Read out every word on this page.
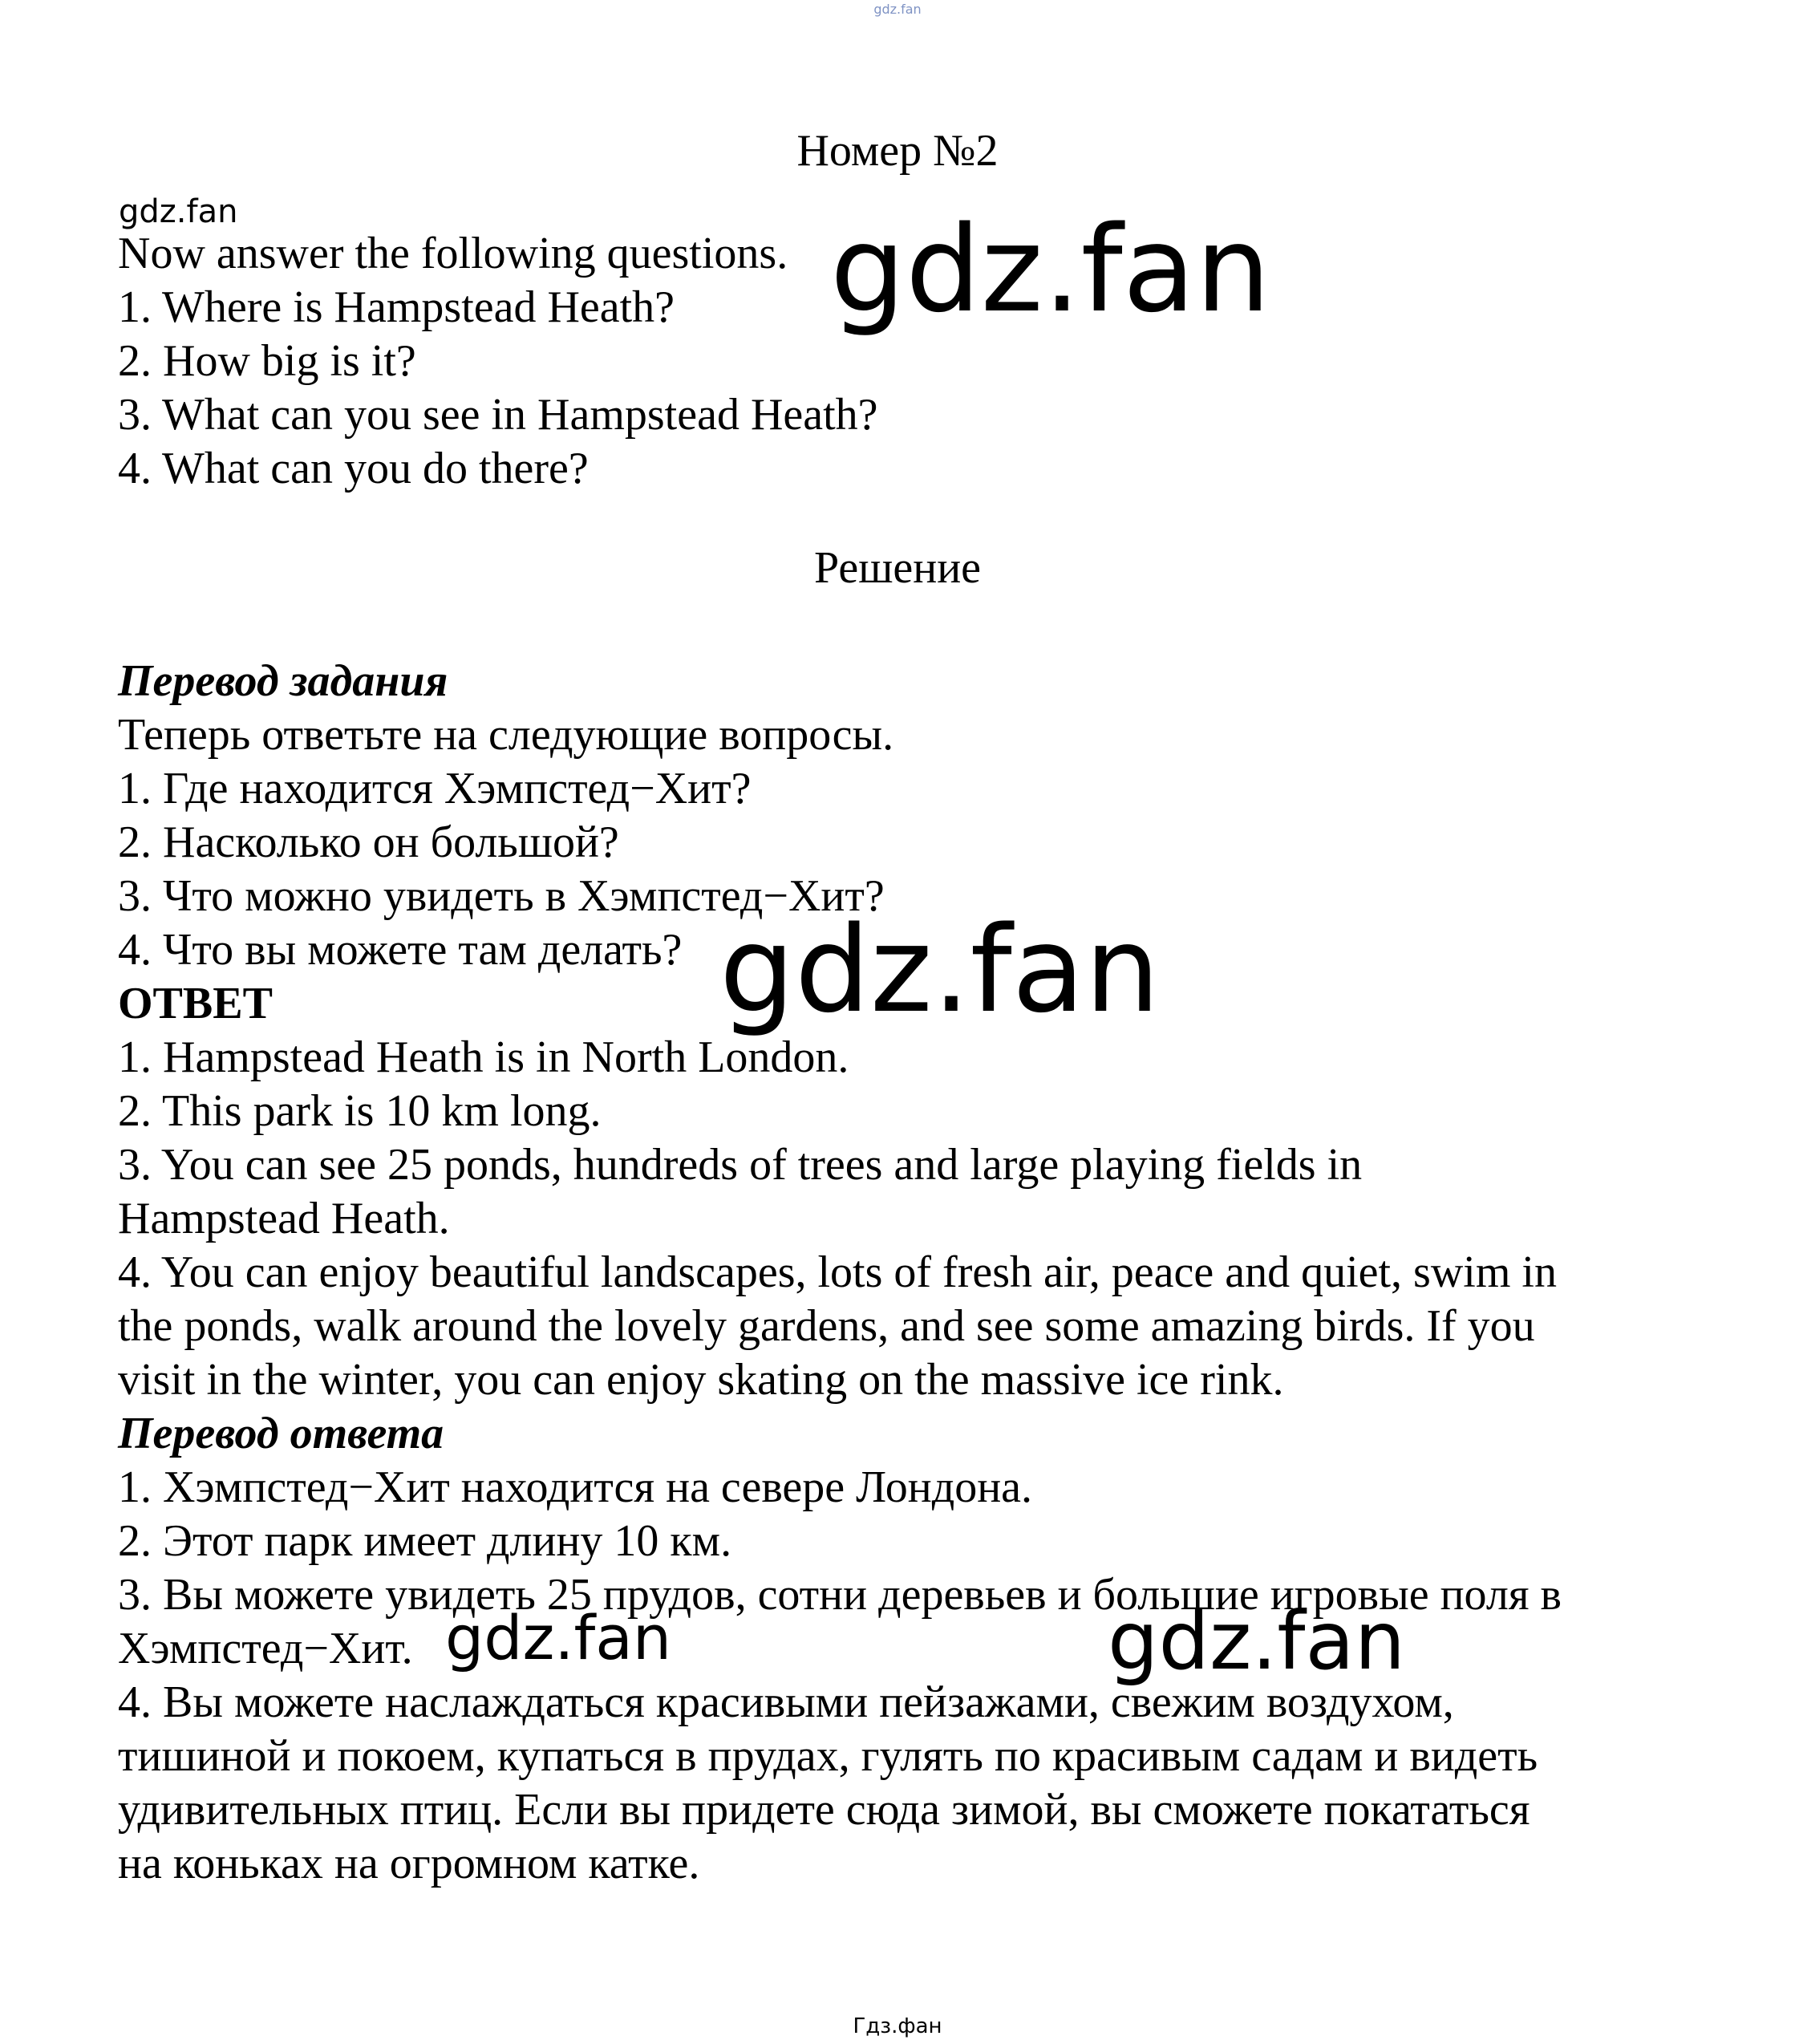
gdz.fan
Номер №2
gdz.fan
Now answer the following questions.
1. Where is Hampstead Heath?
2. How big is it?
3. What can you see in Hampstead Heath?
4. What can you do there?
Решение
Перевод задания
Теперь ответьте на следующие вопросы.
1. Где находится Хэмпстед−Хит?
2. Насколько он большой?
3. Что можно увидеть в Хэмпстед−Хит?
4. Что вы можете там делать?
ОТВЕТ
1. Hampstead Heath is in North London.
2. This park is 10 km long.
3. You can see 25 ponds, hundreds of trees and large playing fields in
Hampstead Heath.
4. You can enjoy beautiful landscapes, lots of fresh air, peace and quiet, swim in
the ponds, walk around the lovely gardens, and see some amazing birds. If you
visit in the winter, you can enjoy skating on the massive ice rink.
Перевод ответа
1. Хэмпстед−Хит находится на севере Лондона.
2. Этот парк имеет длину 10 км.
3. Вы можете увидеть 25 прудов, сотни деревьев и большие игровые поля в
Хэмпстед−Хит.
4. Вы можете наслаждаться красивыми пейзажами, свежим воздухом,
тишиной и покоем, купаться в прудах, гулять по красивым садам и видеть
удивительных птиц. Если вы придете сюда зимой, вы сможете покататься
на коньках на огромном катке.
gdz.fan
gdz.fan
gdz.fan	gdz.fan
Гдз.фан
